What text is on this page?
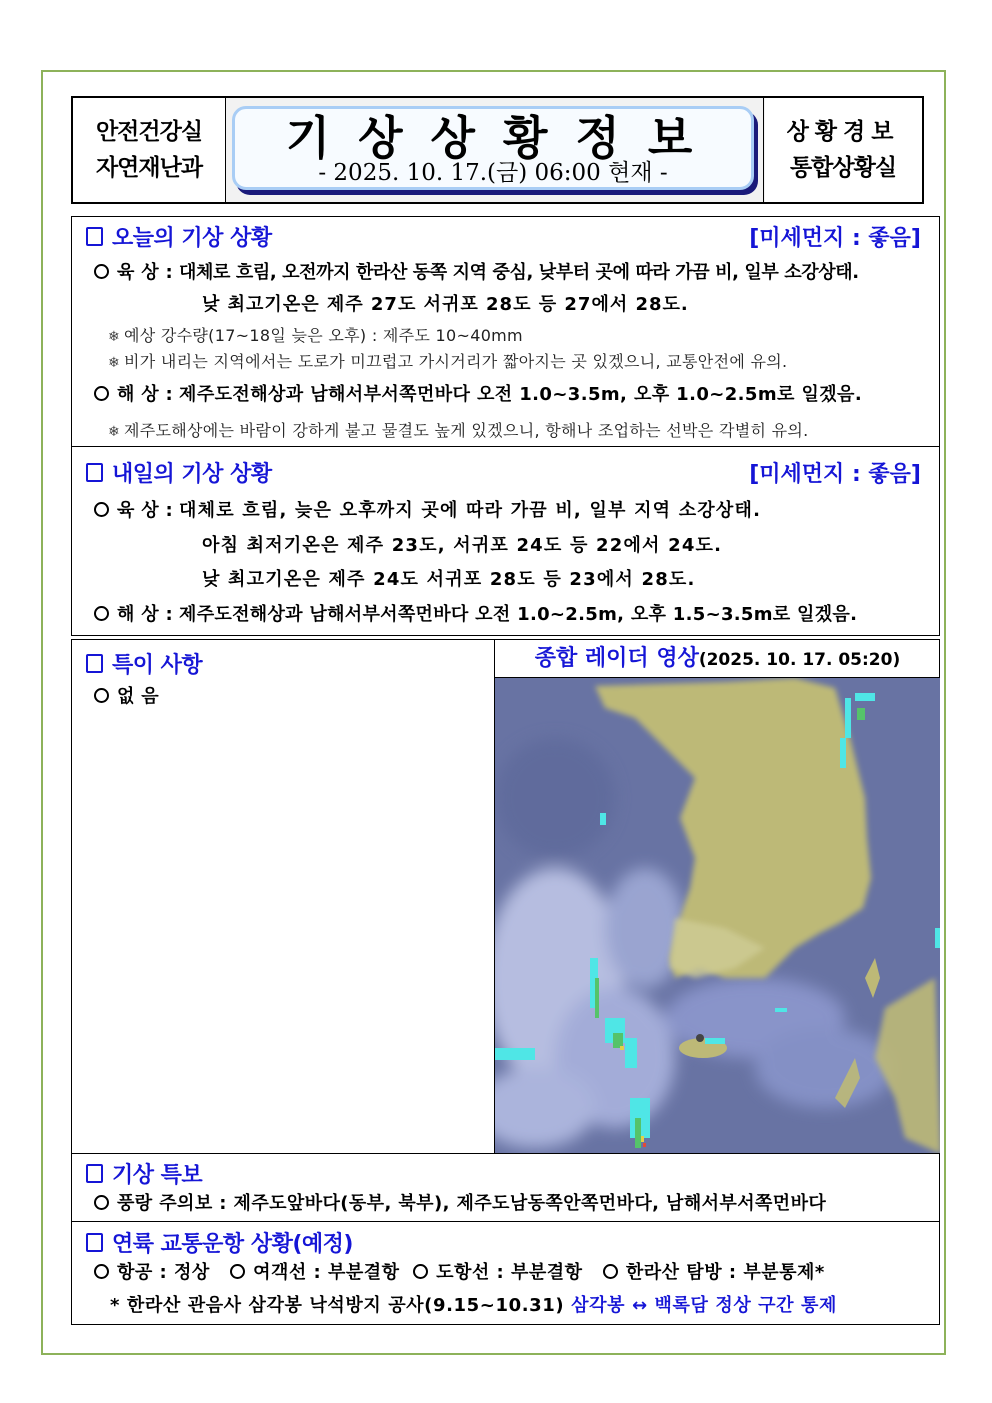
안전건강실
자연재난과
기상상황정보
- 2025. 10. 17.(금) 06:00 현재 -
상황경보
통합상황실
오늘의 기상 상황	[미세먼지 : 좋음]
육 상 : 대체로 흐림, 오전까지 한라산 동쪽 지역 중심, 낮부터 곳에 따라 가끔 비, 일부 소강상태.
낮 최고기온은 제주 27도 서귀포 28도 등 27에서 28도.
❄ 예상 강수량(17~18일 늦은 오후) : 제주도 10~40mm
❄ 비가 내리는 지역에서는 도로가 미끄럽고 가시거리가 짧아지는 곳 있겠으니, 교통안전에 유의.
해 상 : 제주도전해상과 남해서부서쪽먼바다 오전 1.0~3.5m, 오후 1.0~2.5m로 일겠음.
❄ 제주도해상에는 바람이 강하게 불고 물결도 높게 있겠으니, 항해나 조업하는 선박은 각별히 유의.
내일의 기상 상황	[미세먼지 : 좋음]
육 상 : 대체로 흐림, 늦은 오후까지 곳에 따라 가끔 비, 일부 지역 소강상태.
아침 최저기온은 제주 23도, 서귀포 24도 등 22에서 24도.
낮 최고기온은 제주 24도 서귀포 28도 등 23에서 28도.
해 상 : 제주도전해상과 남해서부서쪽먼바다 오전 1.0~2.5m, 오후 1.5~3.5m로 일겠음.
특이 사항
없 음
종합 레이더 영상(2025. 10. 17. 05:20)
기상 특보
풍랑 주의보 : 제주도앞바다(동부, 북부), 제주도남동쪽안쪽먼바다, 남해서부서쪽먼바다
연륙 교통운항 상황(예정)
항공 : 정상 여객선 : 부분결항 도항선 : 부분결항 한라산 탐방 : 부분통제*
* 한라산 관음사 삼각봉 낙석방지 공사(9.15~10.31) 삼각봉 ↔ 백록담 정상 구간 통제
